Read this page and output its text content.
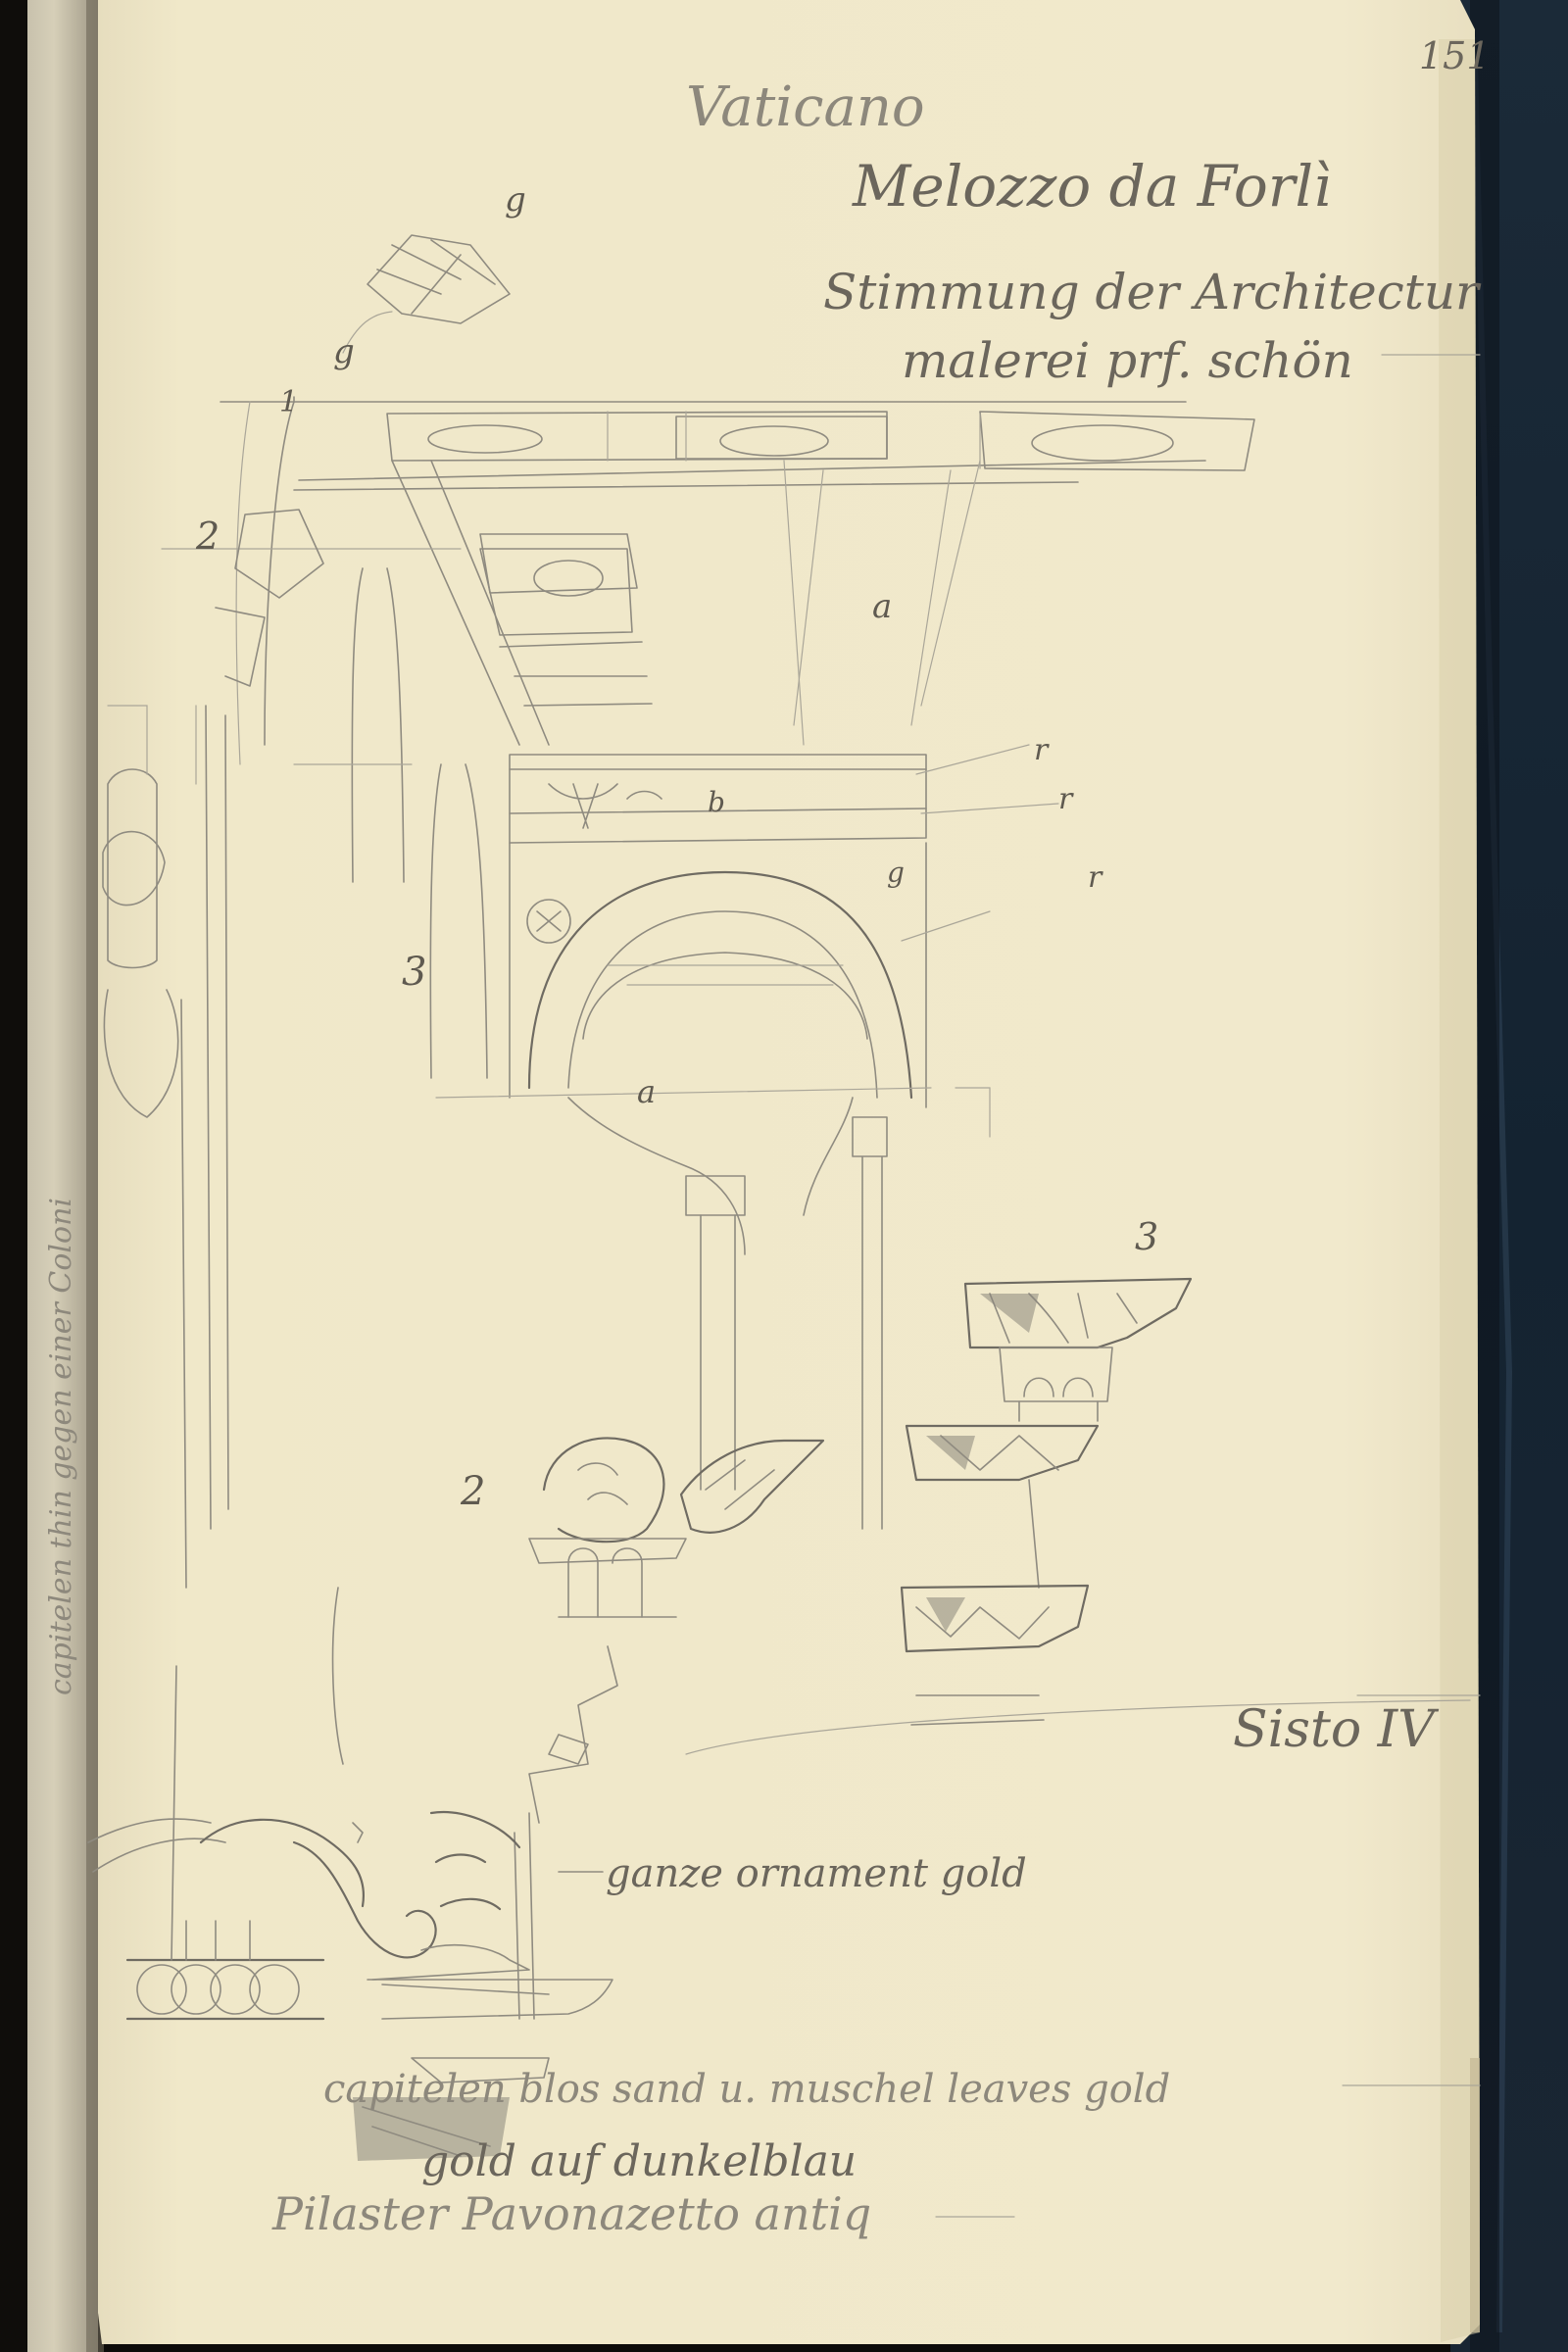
151
Vaticano
Melozzo da Forlì
Stimmung der Architectur
malerei prf. schön
g
g
1
2
a
r
r
r
b
g
3
a
3
2
Sisto IV
ganze ornament gold
capitelen blos sand u. muschel leaves gold
gold auf dunkelblau
Pilaster Pavonazetto antiq
capitelen thin gegen einer Coloni
